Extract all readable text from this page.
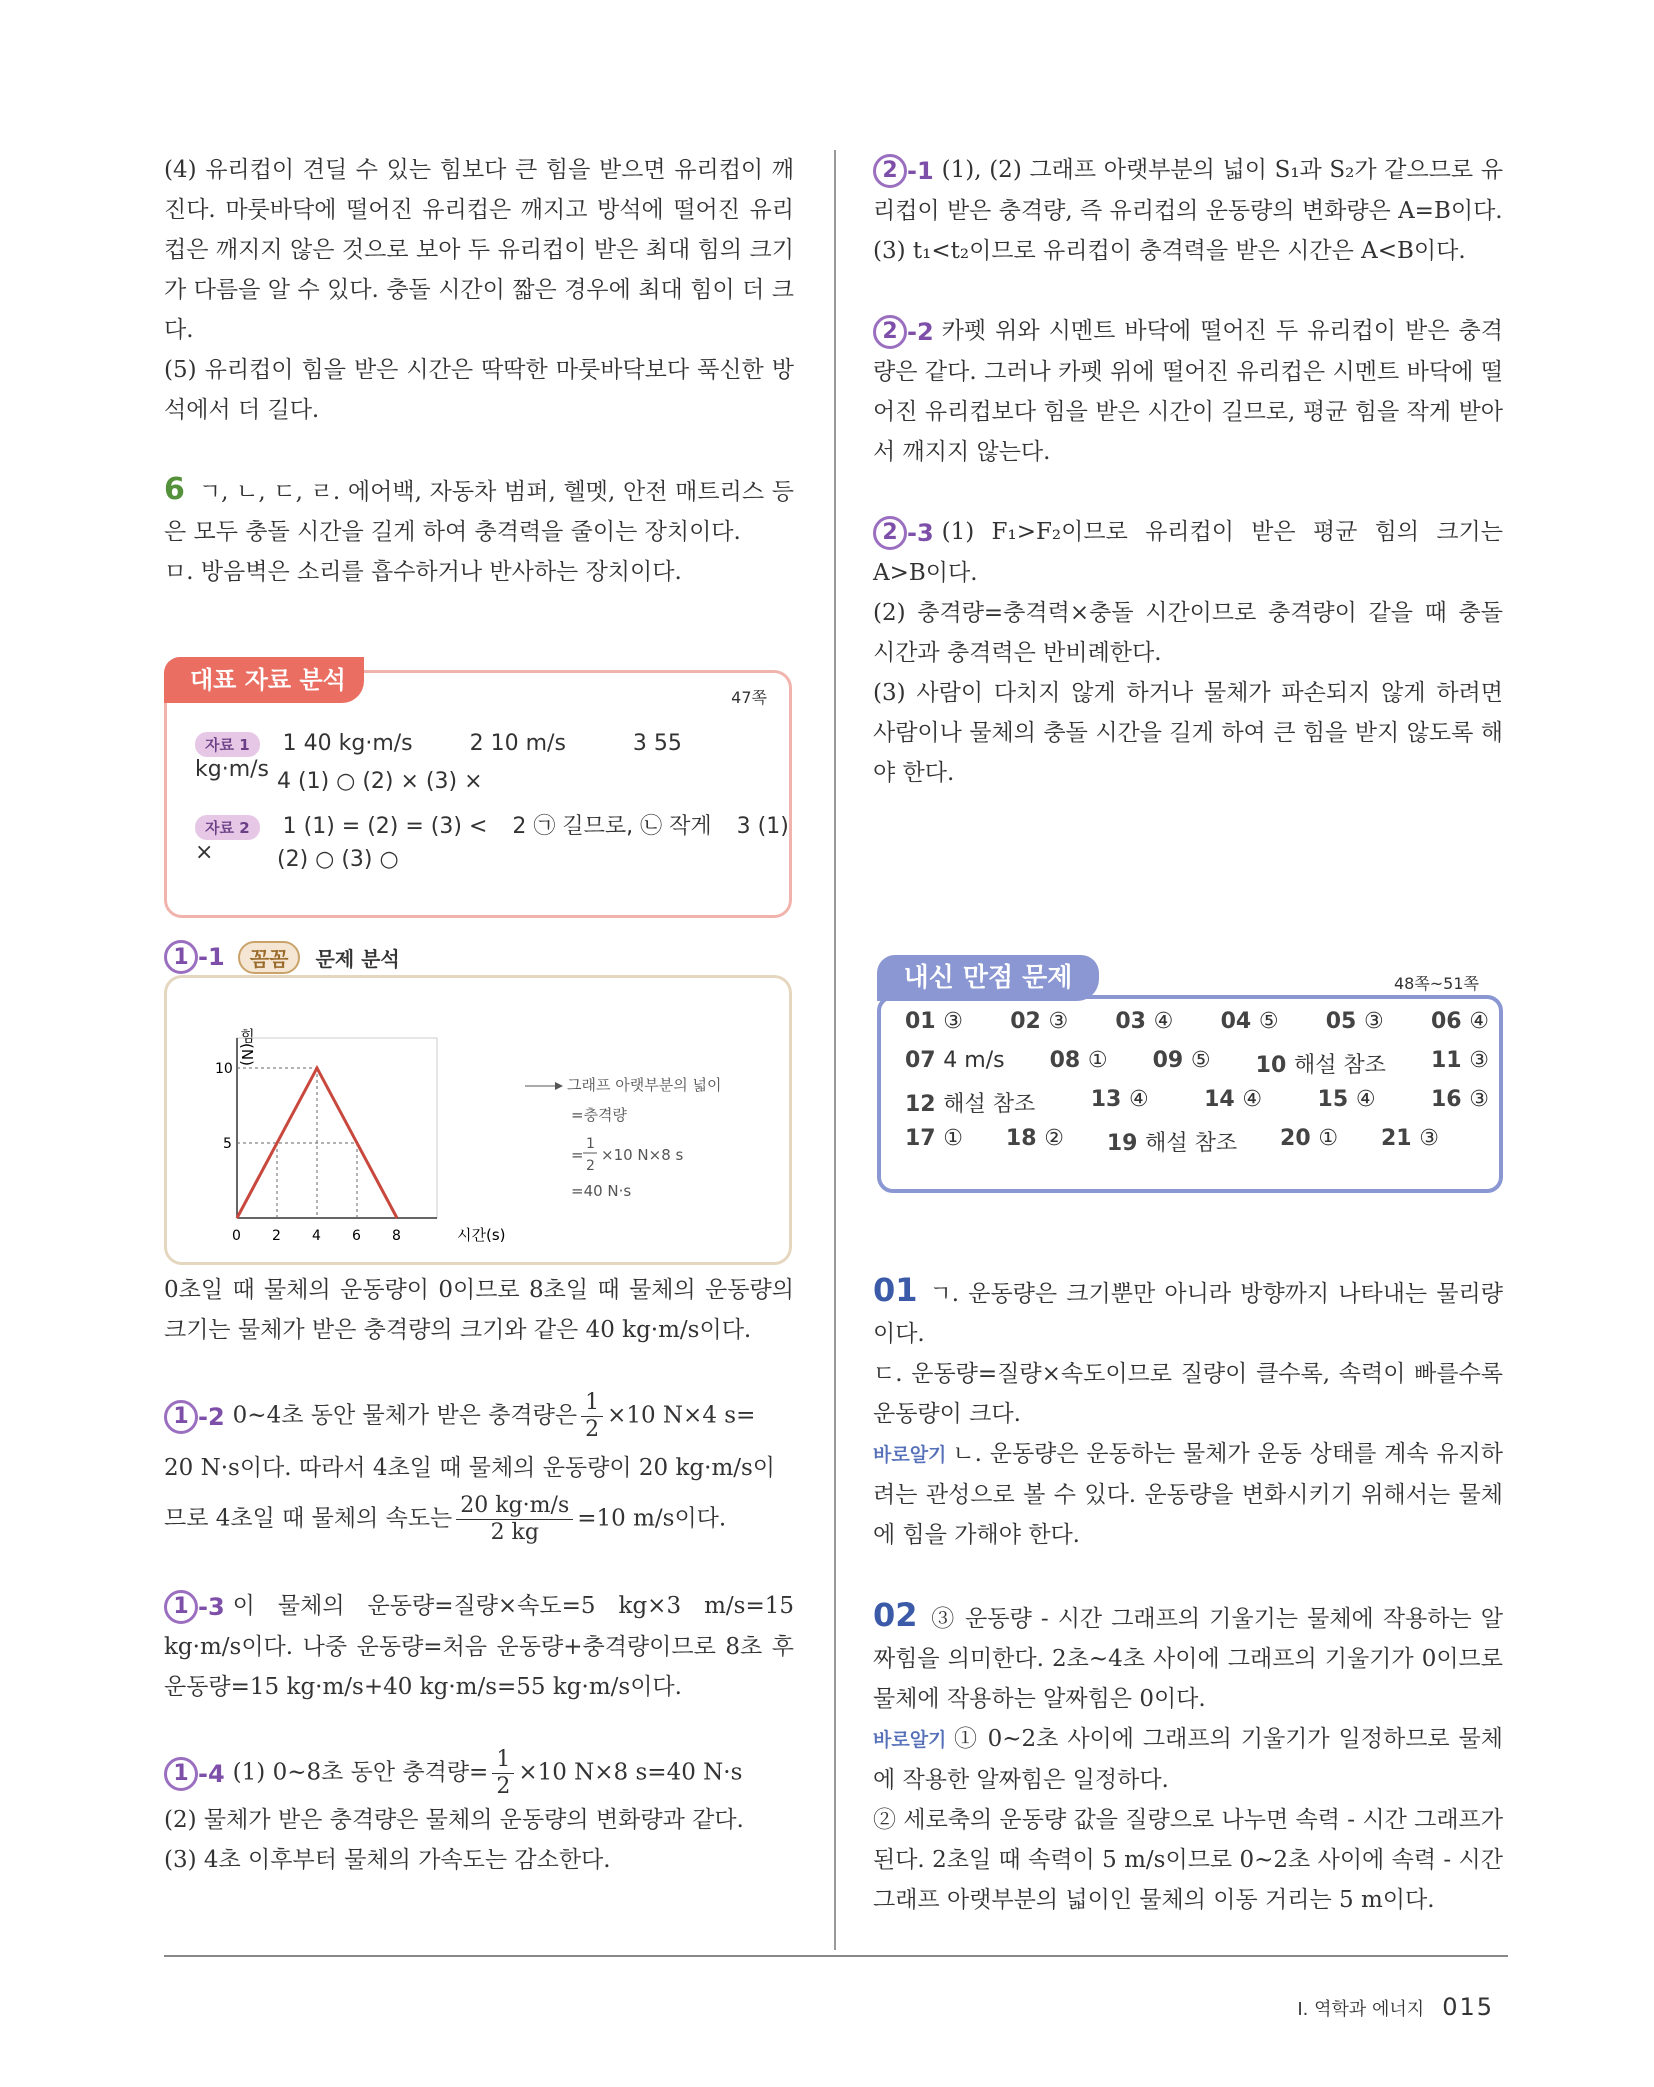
(4) 유리컵이 견딜 수 있는 힘보다 큰 힘을 받으면 유리컵이 깨진다. 마룻바닥에 떨어진 유리컵은 깨지고 방석에 떨어진 유리컵은 깨지지 않은 것으로 보아 두 유리컵이 받은 최대 힘의 크기가 다름을 알 수 있다. 충돌 시간이 짧은 경우에 최대 힘이 더 크다.

(5) 유리컵이 힘을 받은 시간은 딱딱한 마룻바닥보다 푹신한 방석에서 더 길다.

6 ㄱ, ㄴ, ㄷ, ㄹ. 에어백, 자동차 범퍼, 헬멧, 안전 매트리스 등은 모두 충돌 시간을 길게 하여 충격력을 줄이는 장치이다.

ㅁ. 방음벽은 소리를 흡수하거나 반사하는 장치이다.

대표 자료 분석
47쪽
자료 1 1 40 kg·m/s	2 10 m/s	3 55 kg·m/s 4 (1) ○ (2) × (3) ×
자료 2 1 (1) = (2) = (3) < 2 ㉠ 길므로, ㉡ 작게 3 (1) ×	(2) ○ (3) ○
1 -1 꼼꼼 문제 분석
힘(N)
시간(s)
0 2 4 6 8
5
10
그래프 아랫부분의 넓이
=충격량
=
1
2
×10 N×8 s
=40 N·s

0초일 때 물체의 운동량이 0이므로 8초일 때 물체의 운동량의 크기는 물체가 받은 충격량의 크기와 같은 40 kg·m/s이다.

1 -2 0~4초 동안 물체가 받은 충격량은 $\frac{1}{2} \times 10$ N×4 s=
20 N·s이다. 따라서 4초일 때 물체의 운동량이 20 kg·m/s이
므로 4초일 때 물체의 속도는 $\frac{20 kg\cdot m/s}{2 kg} =10$ m/s이다.

1 -3 이 물체의 운동량=질량×속도=5 kg×3 m/s=15 kg·m/s이다. 나중 운동량=처음 운동량+충격량이므로 8초 후 운동량=15 kg·m/s+40 kg·m/s=55 kg·m/s이다.

1 -4 (1) 0~8초 동안 충격량= $\frac{1}{2} \times 10$ N×8 s=40 N·s

(2) 물체가 받은 충격량은 물체의 운동량의 변화량과 같다.

(3) 4초 이후부터 물체의 가속도는 감소한다.

2 -1 (1), (2) 그래프 아랫부분의 넓이 S₁과 S₂가 같으므로 유리컵이 받은 충격량, 즉 유리컵의 운동량의 변화량은 A=B이다.

(3) t₁<t₂이므로 유리컵이 충격력을 받은 시간은 A<B이다.

2 -2 카펫 위와 시멘트 바닥에 떨어진 두 유리컵이 받은 충격량은 같다. 그러나 카펫 위에 떨어진 유리컵은 시멘트 바닥에 떨어진 유리컵보다 힘을 받은 시간이 길므로, 평균 힘을 작게 받아서 깨지지 않는다.

2 -3 (1) F₁>F₂이므로 유리컵이 받은 평균 힘의 크기는 A>B이다.

(2) 충격량=충격력×충돌 시간이므로 충격량이 같을 때 충돌 시간과 충격력은 반비례한다.

(3) 사람이 다치지 않게 하거나 물체가 파손되지 않게 하려면 사람이나 물체의 충돌 시간을 길게 하여 큰 힘을 받지 않도록 해야 한다.

내신 만점 문제	48쪽~51쪽
01 ③ 02 ③ 03 ④ 04 ⑤ 05 ③ 06 ④
07 4 m/s 08 ① 09 ⑤ 10 해설 참조 11 ③
12 해설 참조	13 ④	14 ④	15 ④	16 ③
17 ① 18 ② 19 해설 참조 20 ① 21 ③

01 ㄱ. 운동량은 크기뿐만 아니라 방향까지 나타내는 물리량이다.

ㄷ. 운동량=질량×속도이므로 질량이 클수록, 속력이 빠를수록 운동량이 크다.

바로알기 ㄴ. 운동량은 운동하는 물체가 운동 상태를 계속 유지하려는 관성으로 볼 수 있다. 운동량을 변화시키기 위해서는 물체에 힘을 가해야 한다.

02 ③ 운동량 - 시간 그래프의 기울기는 물체에 작용하는 알짜힘을 의미한다. 2초~4초 사이에 그래프의 기울기가 0이므로 물체에 작용하는 알짜힘은 0이다.

바로알기 ① 0~2초 사이에 그래프의 기울기가 일정하므로 물체에 작용한 알짜힘은 일정하다.

② 세로축의 운동량 값을 질량으로 나누면 속력 - 시간 그래프가 된다. 2초일 때 속력이 5 m/s이므로 0~2초 사이에 속력 - 시간 그래프 아랫부분의 넓이인 물체의 이동 거리는 5 m이다.

I. 역학과 에너지 015
